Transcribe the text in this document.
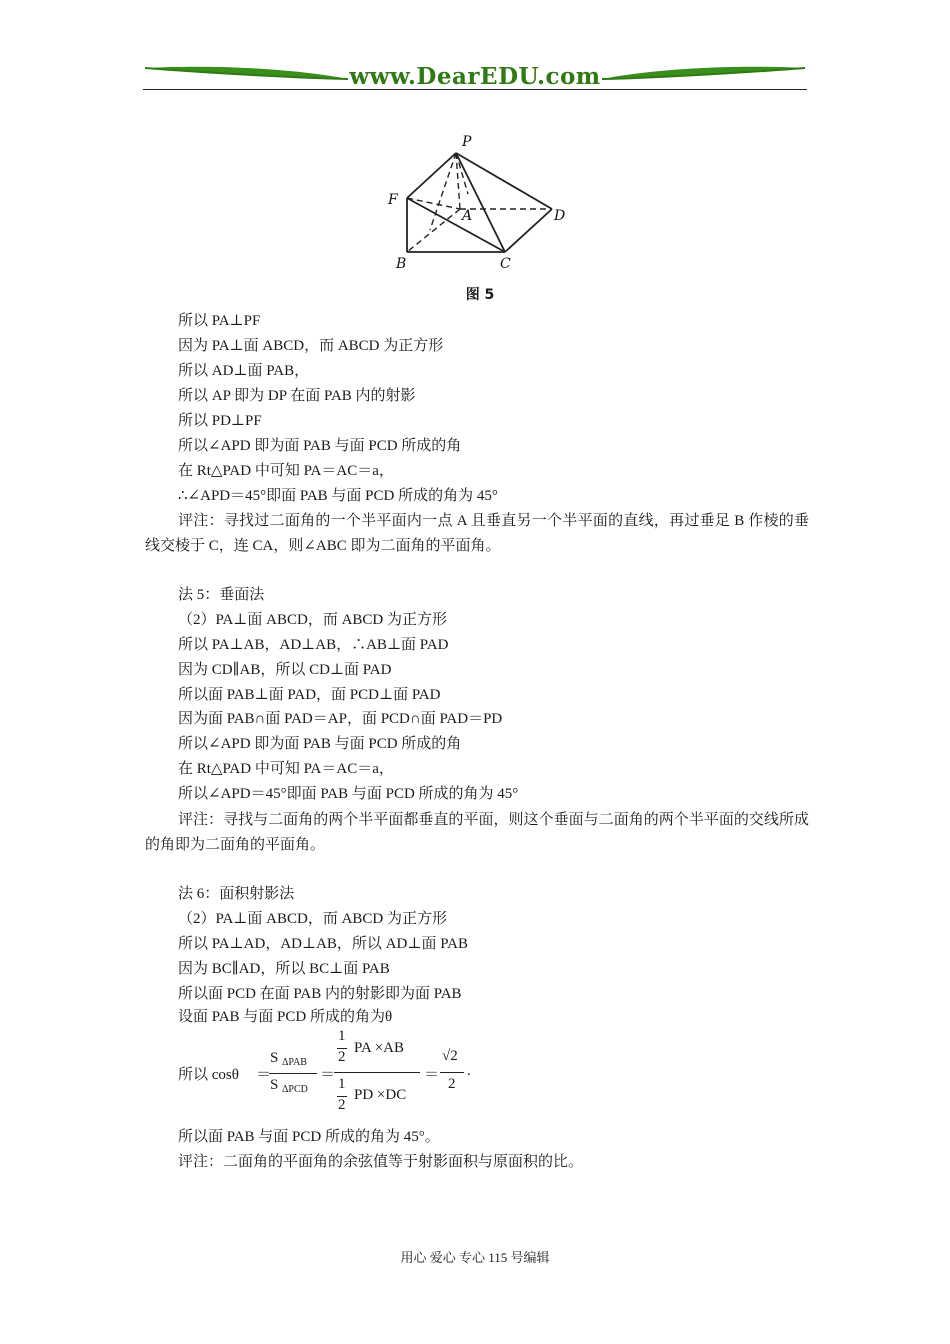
www.DearEDU.com
P
F
A	D
B	C
图 5
所以 PA⊥PF
因为 PA⊥面 ABCD，而 ABCD 为正方形
所以 AD⊥面 PAB，
所以 AP 即为 DP 在面 PAB 内的射影
所以 PD⊥PF
所以∠APD 即为面 PAB 与面 PCD 所成的角
在 Rt△PAD 中可知 PA＝AC＝a，
∴∠APD＝45°即面 PAB 与面 PCD 所成的角为 45°
评注：寻找过二面角的一个半平面内一点 A 且垂直另一个半平面的直线，再过垂足 B 作棱的垂线交棱于 C，连 CA，则∠ABC 即为二面角的平面角。
法 5：垂面法
（2）PA⊥面 ABCD，而 ABCD 为正方形
所以 PA⊥AB，AD⊥AB，∴AB⊥面 PAD
因为 CD∥AB，所以 CD⊥面 PAD
所以面 PAB⊥面 PAD，面 PCD⊥面 PAD
因为面 PAB∩面 PAD＝AP，面 PCD∩面 PAD＝PD
所以∠APD 即为面 PAB 与面 PCD 所成的角
在 Rt△PAD 中可知 PA＝AC＝a，
所以∠APD＝45°即面 PAB 与面 PCD 所成的角为 45°
评注：寻找与二面角的两个半平面都垂直的平面，则这个垂面与二面角的两个半平面的交线所成的角即为二面角的平面角。
法 6：面积射影法
（2）PA⊥面 ABCD，而 ABCD 为正方形
所以 PA⊥AD，AD⊥AB，所以 AD⊥面 PAB
因为 BC∥AD，所以 BC⊥面 PAB
所以面 PCD 在面 PAB 内的射影即为面 PAB
设面 PAB 与面 PCD 所成的角为θ
所以 cosθ ＝
S ΔPAB
S ΔPCD
＝
1
2
PA ×AB
1
2
PD ×DC
＝
√2
2
.
所以面 PAB 与面 PCD 所成的角为 45°。
评注：二面角的平面角的余弦值等于射影面积与原面积的比。
用心 爱心 专心 115 号编辑
